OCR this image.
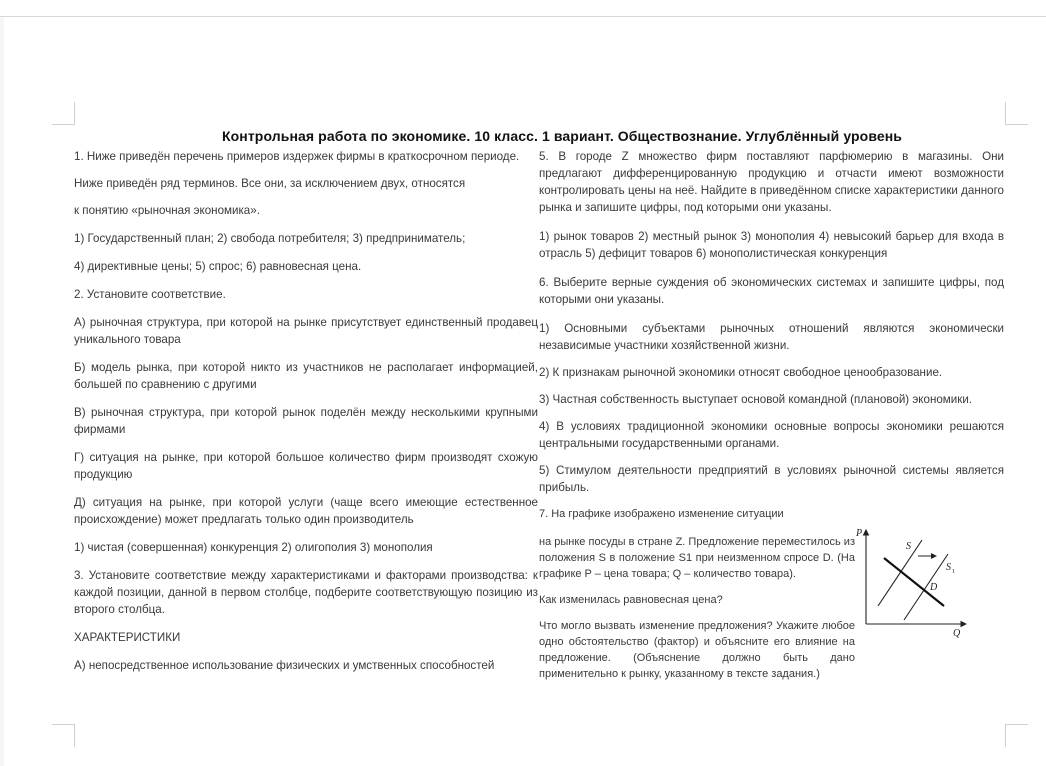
Контрольная работа по экономике. 10 класс. 1 вариант. Обществознание. Углублённый уровень

1. Ниже приведён перечень примеров издержек фирмы в краткосрочном периоде.

Ниже приведён ряд терминов. Все они, за исключением двух, относятся

к понятию «рыночная экономика».

1) Государственный план; 2) свобода потребителя; 3) предприниматель;

4) директивные цены; 5) спрос; 6) равновесная цена.

2. Установите соответствие.

А) рыночная структура, при которой на рынке присутствует единственный продавец уникального товара

Б) модель рынка, при которой никто из участников не располагает информацией, большей по сравнению с другими

В) рыночная структура, при которой рынок поделён между несколькими крупными фирмами

Г) ситуация на рынке, при которой большое количество фирм производят схожую продукцию

Д) ситуация на рынке, при которой услуги (чаще всего имеющие естественное происхождение) может предлагать только один производитель

1) чистая (совершенная) конкуренция 2) олигополия 3) монополия

3. Установите соответствие между характеристиками и факторами производства: к каждой позиции, данной в первом столбце, подберите соответствующую позицию из второго столбца.

ХАРАКТЕРИСТИКИ

А) непосредственное использование физических и умственных способностей

5. В городе Z множество фирм поставляют парфюмерию в магазины. Они предлагают дифференцированную продукцию и отчасти имеют возможности контролировать цены на неё. Найдите в приведённом списке характеристики данного рынка и запишите цифры, под которыми они указаны.

1) рынок товаров 2) местный рынок 3) монополия 4) невысокий барьер для входа в отрасль 5) дефицит товаров 6) монополистическая конкуренция

6. Выберите верные суждения об экономических системах и запишите цифры, под которыми они указаны.

1) Основными субъектами рыночных отношений являются экономически независимые участники хозяйственной жизни.

2) К признакам рыночной экономики относят свободное ценообразование.

3) Частная собственность выступает основой командной (плановой) экономики.

4) В условиях традиционной экономики основные вопросы экономики решаются центральными государственными органами.

5) Стимулом деятельности предприятий в условиях рыночной системы является прибыль.

7. На графике изображено изменение ситуации

на рынке посуды в стране Z. Предложение переместилось из положения S в положение S1 при неизменном спросе D. (На графике P – цена товара; Q – количество товара).

Как изменилась равновесная цена?

Что могло вызвать изменение предложения? Укажите любое одно обстоятельство (фактор) и объясните его влияние на предложение. (Объяснение должно быть дано применительно к рынку, указанному в тексте задания.)

P
Q
S
S 1
D
